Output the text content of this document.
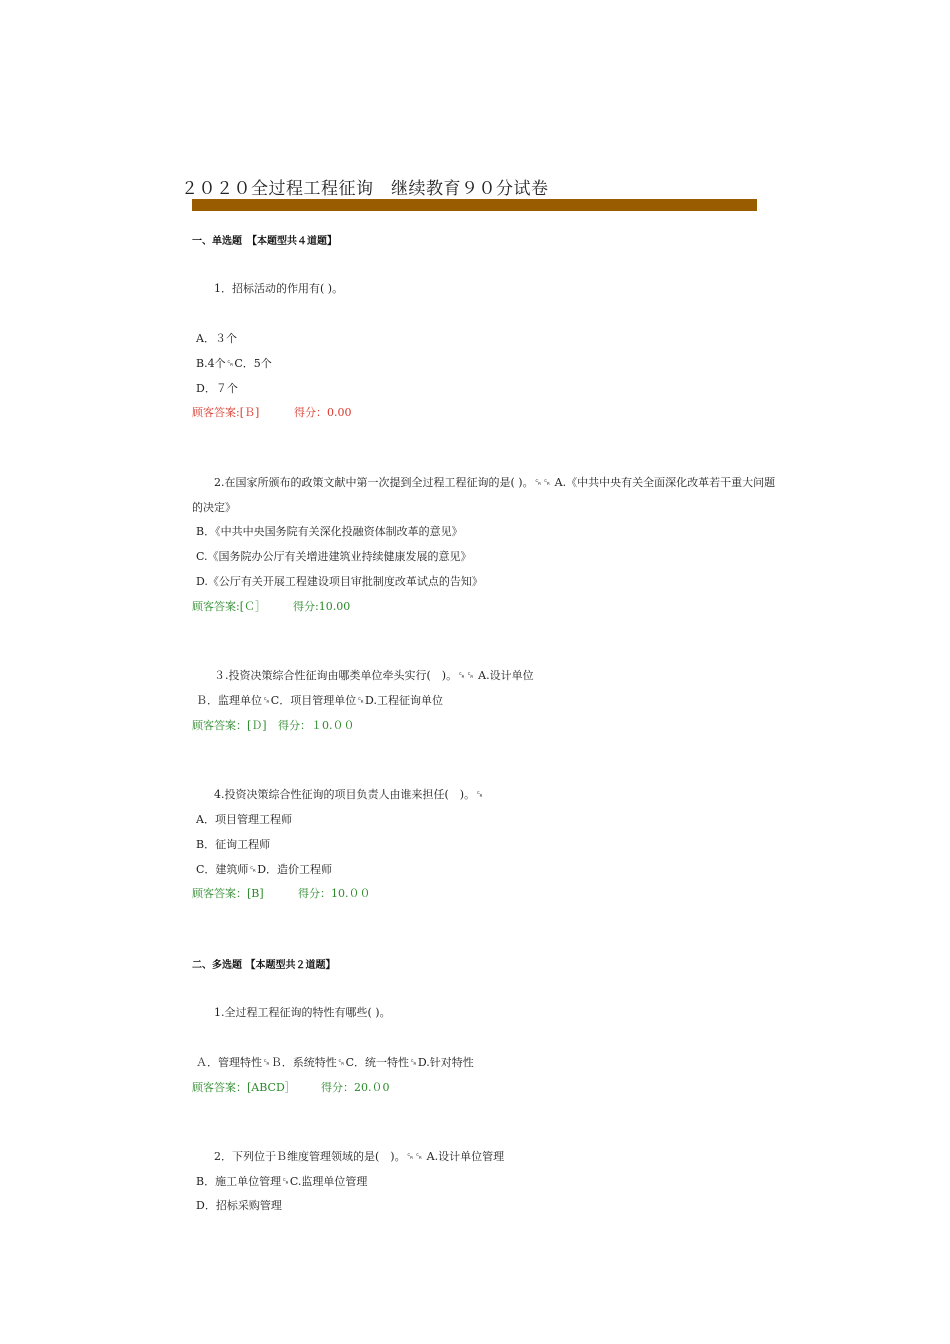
２０２０全过程工程征询　继续教育９０分试卷
一、单选题　【本题型共４道题】
1．招标活动的作用有( )。
A．３个
B.4个␍C．5个
D．７个
顾客答案:[Ｂ]	得分：0.00
2.在国家所颁布的政策文献中第一次提到全过程工程征询的是( )。␍␍ A.《中共中央有关全面深化改革若干重大问题
的决定》
B．《中共中央国务院有关深化投融资体制改革的意见》
C.《国务院办公厅有关增进建筑业持续健康发展的意见》
D.《公厅有关开展工程建设项目审批制度改革试点的告知》
顾客答案:[Ｃ］ 得分:10.00
３.投资决策综合性征询由哪类单位牵头实行(　)。␍␍ A.设计单位
Ｂ．监理单位␍C．项目管理单位␍D.工程征询单位
顾客答案：[Ｄ] 得分：１0.００
4.投资决策综合性征询的项目负责人由谁来担任(　)。␍
A．项目管理工程师
B．征询工程师
C．建筑师␍D．造价工程师
顾客答案：[B]	得分：10.００
二、多选题 【本题型共２道题】
1.全过程工程征询的特性有哪些( )。
Ａ．管理特性␍Ｂ．系统特性␍C．统一特性␍D.针对特性
顾客答案：[ABCD］ 得分：20.０0
2．下列位于Ｂ维度管理领域的是(　)。␍␍ A.设计单位管理
B．施工单位管理␍C.监理单位管理
D．招标采购管理
